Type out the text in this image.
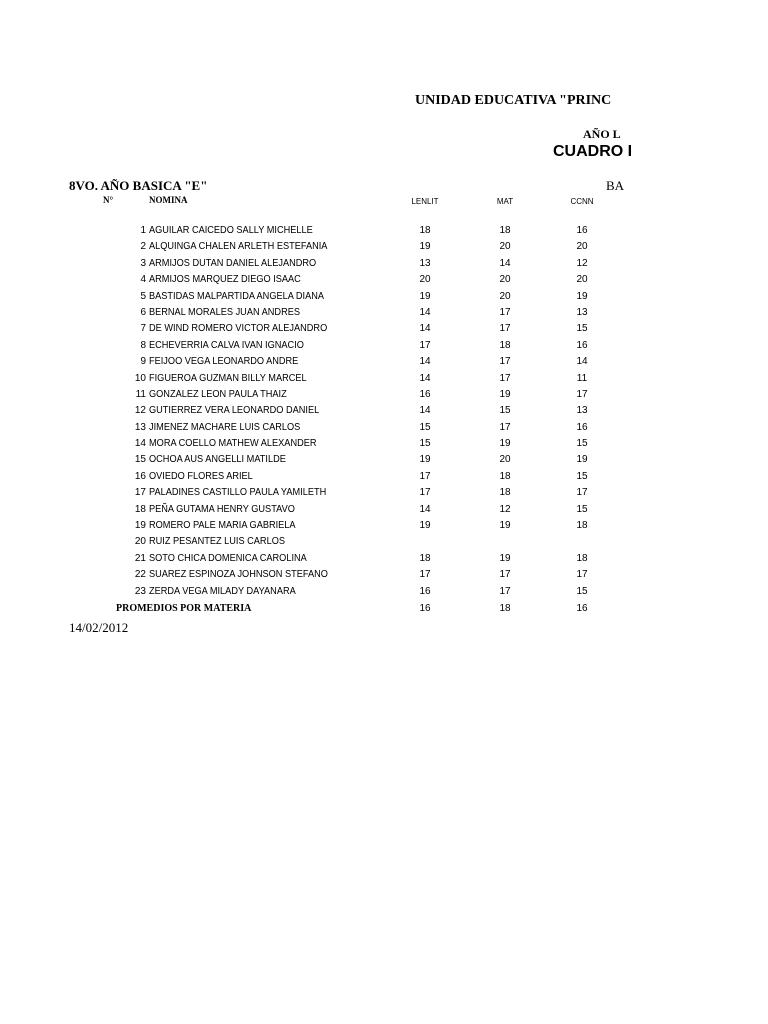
UNIDAD EDUCATIVA "PRINC
AÑO L
CUADRO I
8VO. AÑO BASICA "E"	BA
N°	NOMINA	LENLIT	MAT	CCNN
1 AGUILAR CAICEDO SALLY MICHELLE	18	18	16
2 ALQUINGA CHALEN ARLETH ESTEFANIA	19	20	20
3 ARMIJOS DUTAN DANIEL ALEJANDRO	13	14	12
4 ARMIJOS MARQUEZ DIEGO ISAAC	20	20	20
5 BASTIDAS MALPARTIDA ANGELA DIANA	19	20	19
6 BERNAL MORALES JUAN ANDRES	14	17	13
7 DE WIND ROMERO VICTOR ALEJANDRO	14	17	15
8 ECHEVERRIA CALVA IVAN IGNACIO	17	18	16
9 FEIJOO VEGA LEONARDO ANDRE	14	17	14
10 FIGUEROA GUZMAN BILLY MARCEL	14	17	11
11 GONZALEZ LEON PAULA THAIZ	16	19	17
12 GUTIERREZ VERA LEONARDO DANIEL	14	15	13
13 JIMENEZ MACHARE LUIS CARLOS	15	17	16
14 MORA COELLO MATHEW ALEXANDER	15	19	15
15 OCHOA AUS ANGELLI MATILDE	19	20	19
16 OVIEDO FLORES ARIEL	17	18	15
17 PALADINES CASTILLO PAULA YAMILETH	17	18	17
18 PEÑA GUTAMA HENRY GUSTAVO	14	12	15
19 ROMERO PALE MARIA GABRIELA	19	19	18
20 RUIZ PESANTEZ LUIS CARLOS
21 SOTO CHICA DOMENICA CAROLINA	18	19	18
22 SUAREZ ESPINOZA JOHNSON STEFANO	17	17	17
23 ZERDA VEGA MILADY DAYANARA	16	17	15
PROMEDIOS POR MATERIA	16	18	16
14/02/2012
